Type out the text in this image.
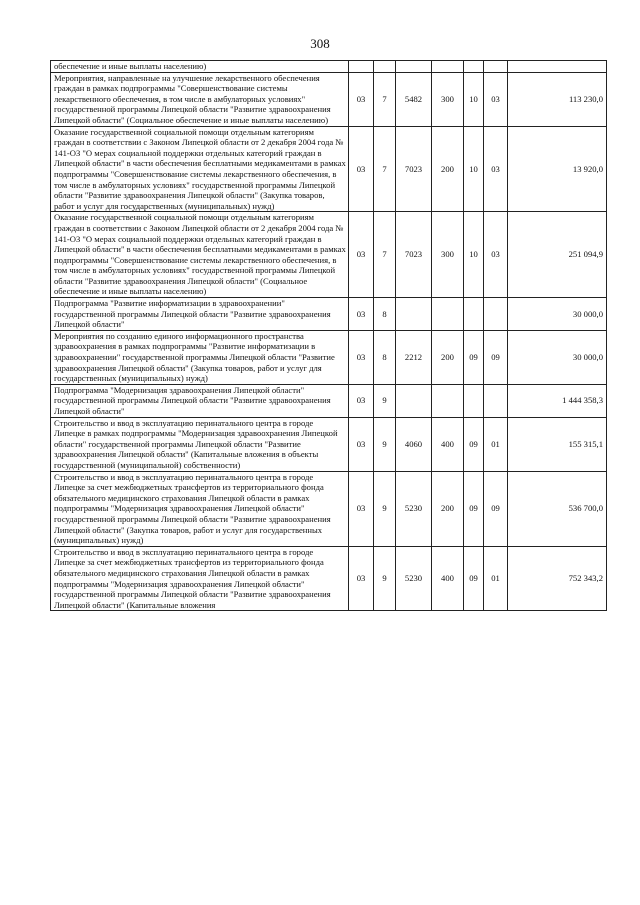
308
обеспечение и иные выплаты населению)							
Мероприятия, направленные на улучшение лекарственного обеспечения граждан в рамках подпрограммы "Совершенствование системы лекарственного обеспечения, в том числе в амбулаторных условиях" государственной программы Липецкой области "Развитие здравоохранения Липецкой области" (Социальное обеспечение и иные выплаты населению)	03	7	5482	300	10	03	113 230,0
Оказание государственной социальной помощи отдельным категориям граждан в соответствии с Законом Липецкой области от 2 декабря 2004 года № 141-ОЗ "О мерах социальной поддержки отдельных категорий граждан в Липецкой области" в части обеспечения бесплатными медикаментами в рамках подпрограммы "Совершенствование системы лекарственного обеспечения, в том числе в амбулаторных условиях" государственной программы Липецкой области "Развитие здравоохранения Липецкой области" (Закупка товаров, работ и услуг для государственных (муниципальных) нужд)	03	7	7023	200	10	03	13 920,0
Оказание государственной социальной помощи отдельным категориям граждан в соответствии с Законом Липецкой области от 2 декабря 2004 года № 141-ОЗ "О мерах социальной поддержки отдельных категорий граждан в Липецкой области" в части обеспечения бесплатными медикаментами в рамках подпрограммы "Совершенствование системы лекарственного обеспечения, в том числе в амбулаторных условиях" государственной программы Липецкой области "Развитие здравоохранения Липецкой области" (Социальное обеспечение и иные выплаты населению)	03	7	7023	300	10	03	251 094,9
Подпрограмма "Развитие информатизации в здравоохранении" государственной программы Липецкой области "Развитие здравоохранения Липецкой области"	03	8					30 000,0
Мероприятия по созданию единого информационного пространства здравоохранения в рамках подпрограммы "Развитие информатизации в здравоохранении" государственной программы Липецкой области "Развитие здравоохранения Липецкой области" (Закупка товаров, работ и услуг для государственных (муниципальных) нужд)	03	8	2212	200	09	09	30 000,0
Подпрограмма "Модернизация здравоохранения Липецкой области" государственной программы Липецкой области "Развитие здравоохранения Липецкой области"	03	9					1 444 358,3
Строительство и ввод в эксплуатацию перинатального центра в городе Липецке в рамках подпрограммы "Модернизация здравоохранения Липецкой области" государственной программы Липецкой области "Развитие здравоохранения Липецкой области" (Капитальные вложения в объекты государственной (муниципальной) собственности)	03	9	4060	400	09	01	155 315,1
Строительство и ввод в эксплуатацию перинатального центра в городе Липецке за счет межбюджетных трансфертов из территориального фонда обязательного медицинского страхования Липецкой области в рамках подпрограммы "Модернизация здравоохранения Липецкой области" государственной программы Липецкой области "Развитие здравоохранения Липецкой области" (Закупка товаров, работ и услуг для государственных (муниципальных) нужд)	03	9	5230	200	09	09	536 700,0
Строительство и ввод в эксплуатацию перинатального центра в городе Липецке за счет межбюджетных трансфертов из территориального фонда обязательного медицинского страхования Липецкой области в рамках подпрограммы "Модернизация здравоохранения Липецкой области" государственной программы Липецкой области "Развитие здравоохранения Липецкой области" (Капитальные вложения	03	9	5230	400	09	01	752 343,2
